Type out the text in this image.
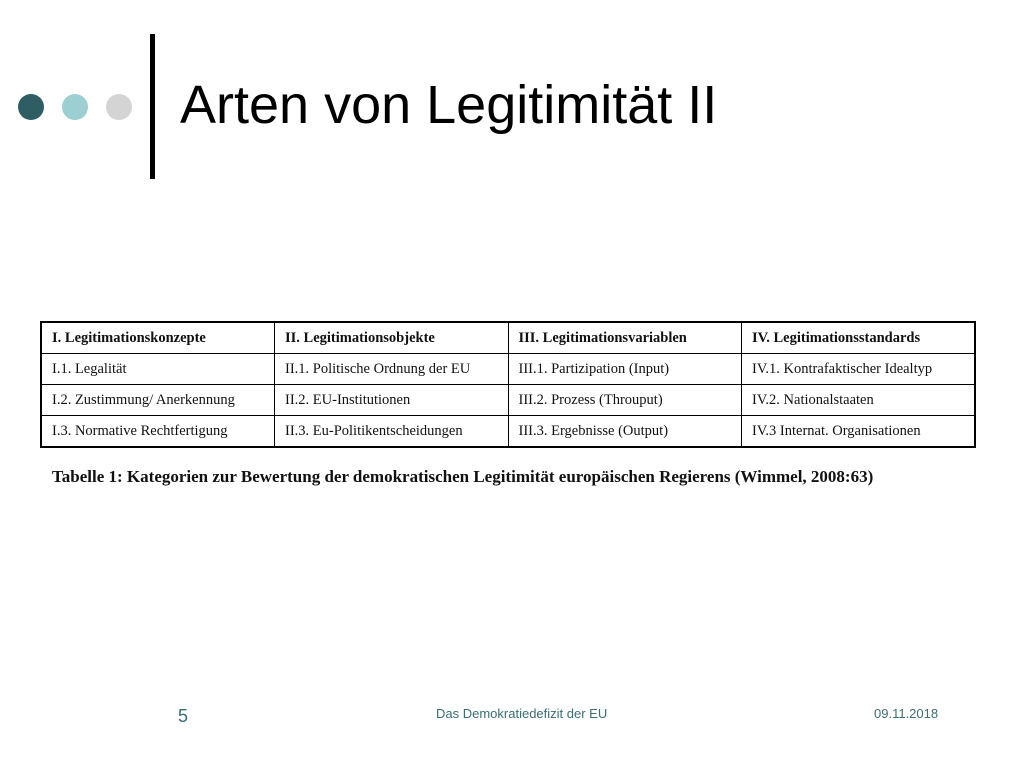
Arten von Legitimität II
I. Legitimationskonzepte	II. Legitimationsobjekte	III. Legitimationsvariablen	IV. Legitimationsstandards
I.1. Legalität	II.1. Politische Ordnung der EU	III.1. Partizipation (Input)	IV.1. Kontrafaktischer Idealtyp
I.2. Zustimmung/ Anerkennung	II.2. EU-Institutionen	III.2. Prozess (Throuput)	IV.2. Nationalstaaten
I.3. Normative Rechtfertigung	II.3. Eu-Politikentscheidungen	III.3. Ergebnisse (Output)	IV.3 Internat. Organisationen

Tabelle 1: Kategorien zur Bewertung der demokratischen Legitimität europäischen Regierens (Wimmel, 2008:63)

5	Das Demokratiedefizit der EU	09.11.2018
